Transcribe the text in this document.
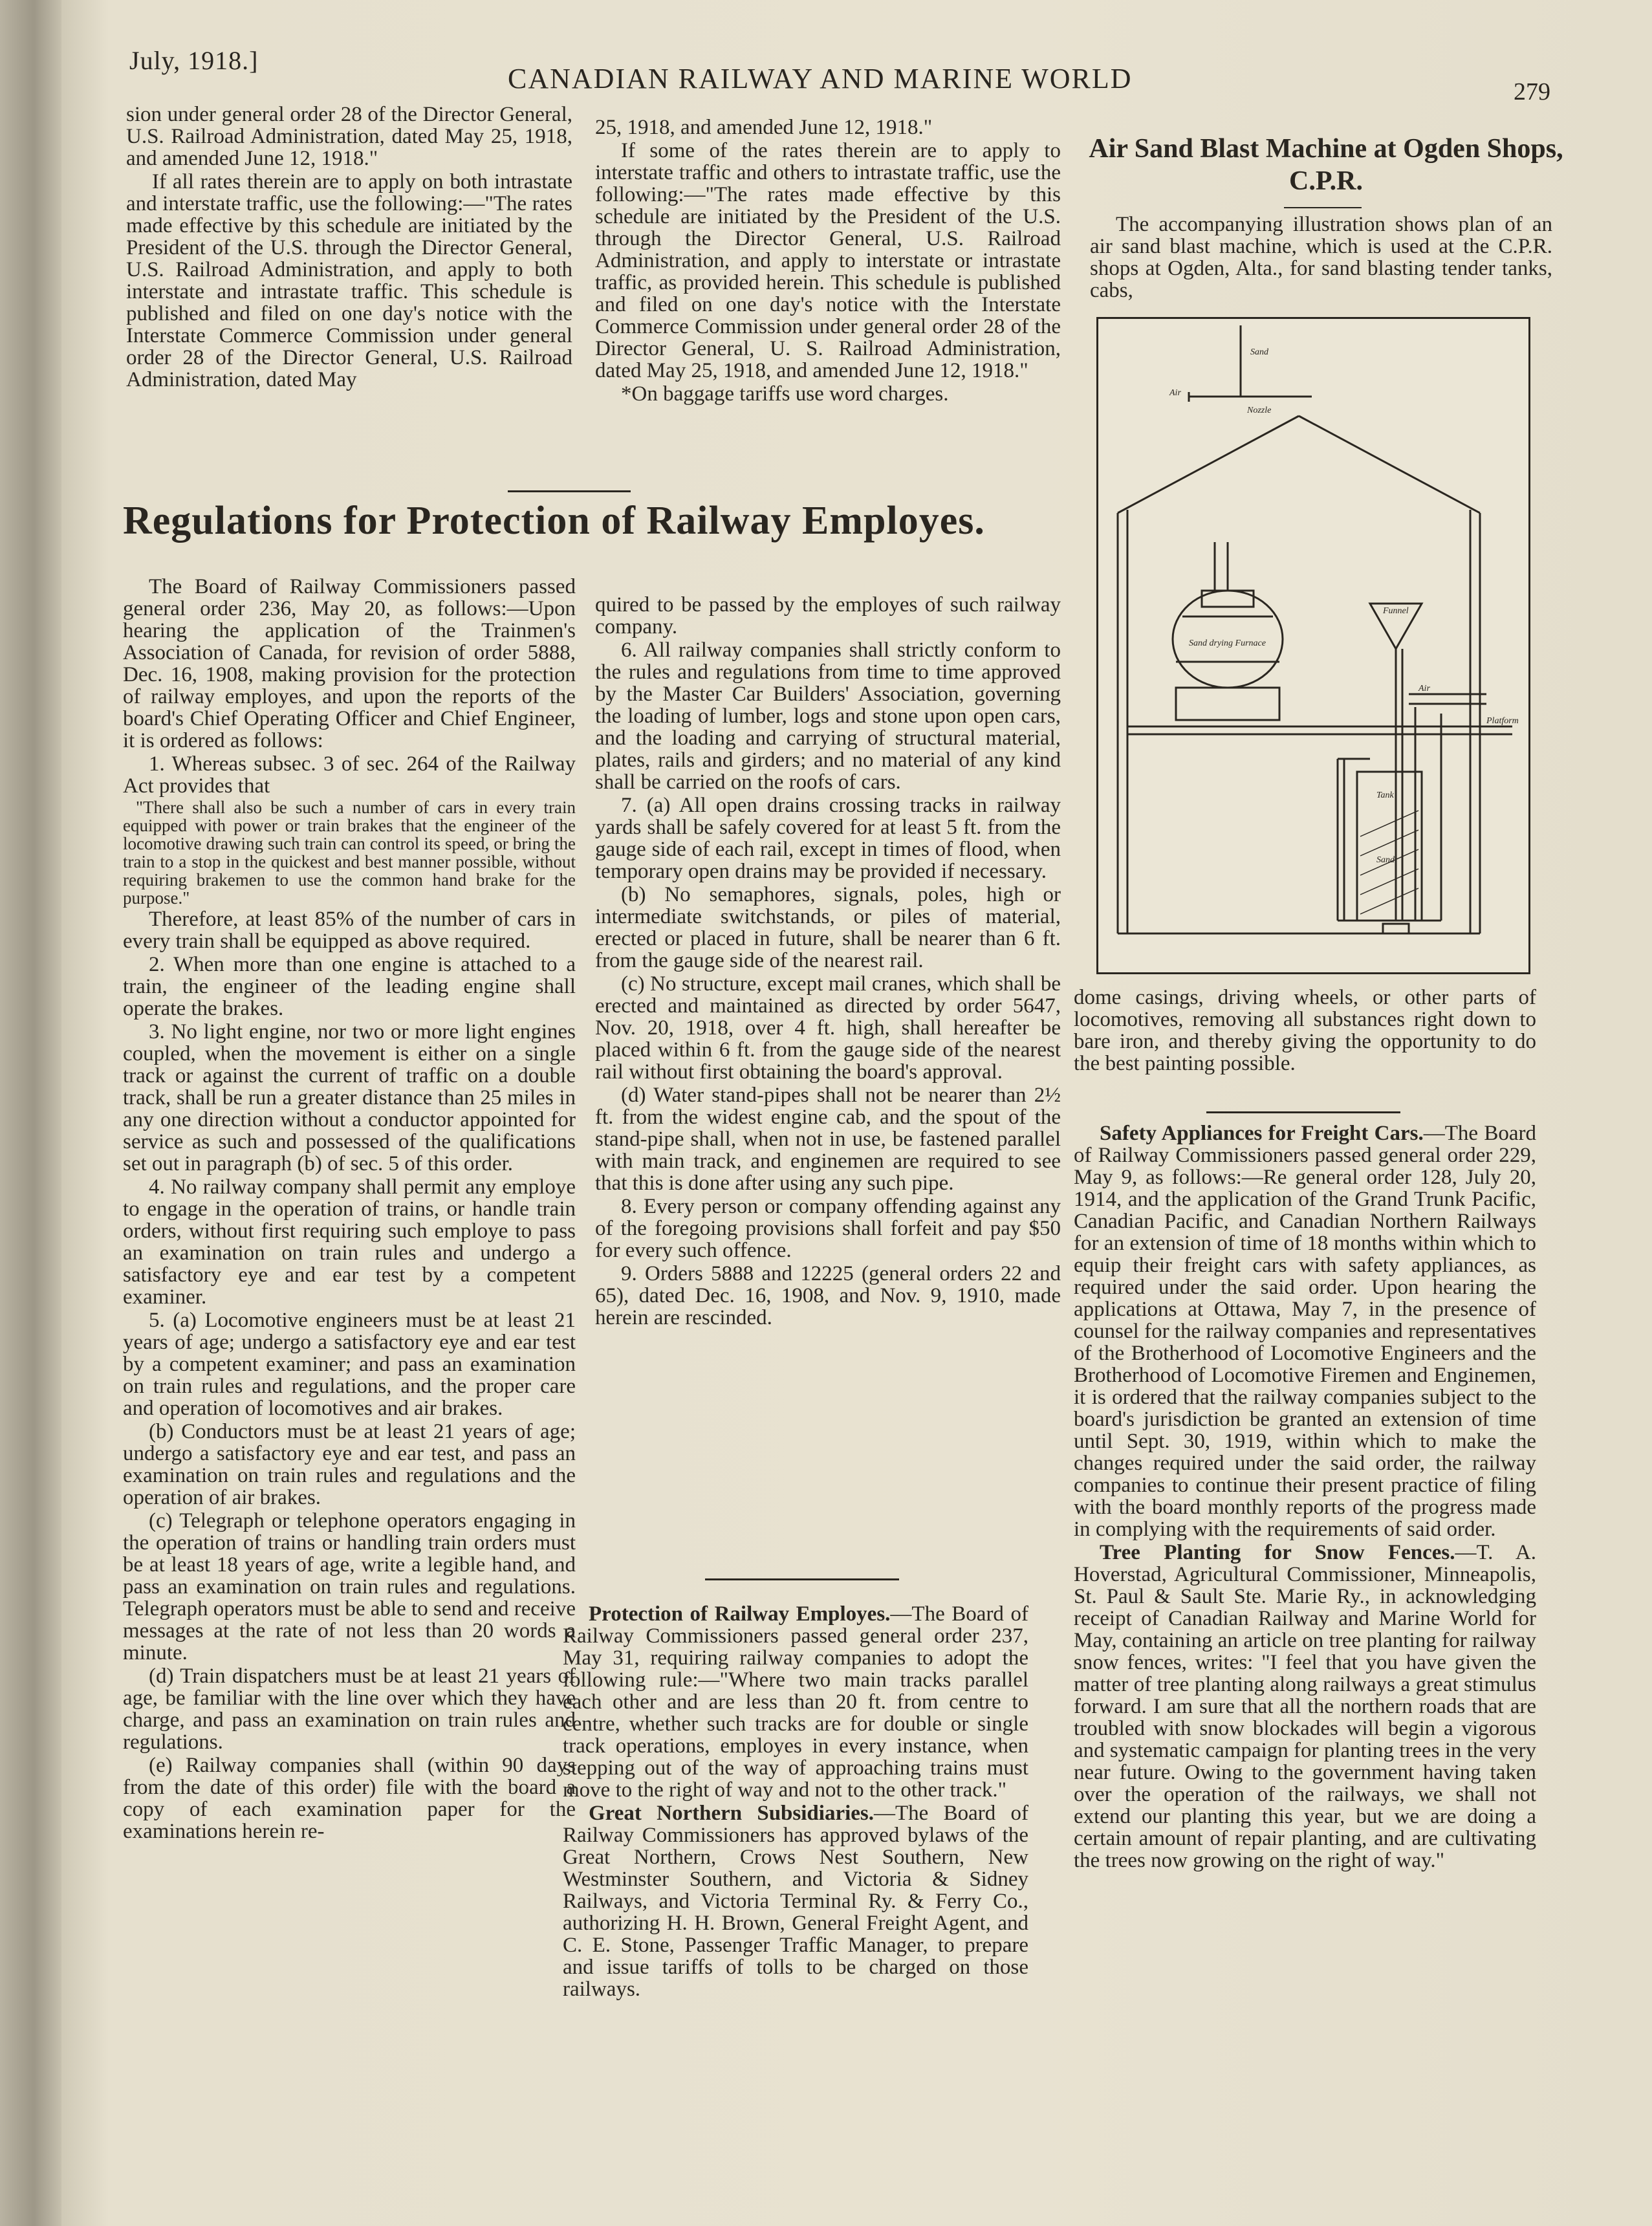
July, 1918.]
CANADIAN RAILWAY AND MARINE WORLD	279

sion under general order 28 of the Director General, U.S. Railroad Administration, dated May 25, 1918, and amended June 12, 1918."

If all rates therein are to apply on both intrastate and interstate traffic, use the following:—"The rates made effective by this schedule are initiated by the President of the U.S. through the Director General, U.S. Railroad Administration, and apply to both interstate and intrastate traffic. This schedule is published and filed on one day's notice with the Interstate Commerce Commission under general order 28 of the Director General, U.S. Railroad Administration, dated May

25, 1918, and amended June 12, 1918."

If some of the rates therein are to apply to interstate traffic and others to intrastate traffic, use the following:—"The rates made effective by this schedule are initiated by the President of the U.S. through the Director General, U.S. Railroad Administration, and apply to interstate or intrastate traffic, as provided herein. This schedule is published and filed on one day's notice with the Interstate Commerce Commission under general order 28 of the Director General, U. S. Railroad Administration, dated May 25, 1918, and amended June 12, 1918."

*On baggage tariffs use word charges.

Regulations for Protection of Railway Employes.

The Board of Railway Commissioners passed general order 236, May 20, as follows:—Upon hearing the application of the Trainmen's Association of Canada, for revision of order 5888, Dec. 16, 1908, making provision for the protection of railway employes, and upon the reports of the board's Chief Operating Officer and Chief Engineer, it is ordered as follows:

1. Whereas subsec. 3 of sec. 264 of the Railway Act provides that

"There shall also be such a number of cars in every train equipped with power or train brakes that the engineer of the locomotive drawing such train can control its speed, or bring the train to a stop in the quickest and best manner possible, without requiring brakemen to use the common hand brake for the purpose."

Therefore, at least 85% of the number of cars in every train shall be equipped as above required.

2. When more than one engine is attached to a train, the engineer of the leading engine shall operate the brakes.

3. No light engine, nor two or more light engines coupled, when the movement is either on a single track or against the current of traffic on a double track, shall be run a greater distance than 25 miles in any one direction without a conductor appointed for service as such and possessed of the qualifications set out in paragraph (b) of sec. 5 of this order.

4. No railway company shall permit any employe to engage in the operation of trains, or handle train orders, without first requiring such employe to pass an examination on train rules and undergo a satisfactory eye and ear test by a competent examiner.

5. (a) Locomotive engineers must be at least 21 years of age; undergo a satisfactory eye and ear test by a competent examiner; and pass an examination on train rules and regulations, and the proper care and operation of locomotives and air brakes.

(b) Conductors must be at least 21 years of age; undergo a satisfactory eye and ear test, and pass an examination on train rules and regulations and the operation of air brakes.

(c) Telegraph or telephone operators engaging in the operation of trains or handling train orders must be at least 18 years of age, write a legible hand, and pass an examination on train rules and regulations. Telegraph operators must be able to send and receive messages at the rate of not less than 20 words a minute.

(d) Train dispatchers must be at least 21 years of age, be familiar with the line over which they have charge, and pass an examination on train rules and regulations.

(e) Railway companies shall (within 90 days from the date of this order) file with the board a copy of each examination paper for the examinations herein re-

quired to be passed by the employes of such railway company.

6. All railway companies shall strictly conform to the rules and regulations from time to time approved by the Master Car Builders' Association, governing the loading of lumber, logs and stone upon open cars, and the loading and carrying of structural material, plates, rails and girders; and no material of any kind shall be carried on the roofs of cars.

7. (a) All open drains crossing tracks in railway yards shall be safely covered for at least 5 ft. from the gauge side of each rail, except in times of flood, when temporary open drains may be provided if necessary.

(b) No semaphores, signals, poles, high or intermediate switchstands, or piles of material, erected or placed in future, shall be nearer than 6 ft. from the gauge side of the nearest rail.

(c) No structure, except mail cranes, which shall be erected and maintained as directed by order 5647, Nov. 20, 1918, over 4 ft. high, shall hereafter be placed within 6 ft. from the gauge side of the nearest rail without first obtaining the board's approval.

(d) Water stand-pipes shall not be nearer than 2½ ft. from the widest engine cab, and the spout of the stand-pipe shall, when not in use, be fastened parallel with main track, and enginemen are required to see that this is done after using any such pipe.

8. Every person or company offending against any of the foregoing provisions shall forfeit and pay $50 for every such offence.

9. Orders 5888 and 12225 (general orders 22 and 65), dated Dec. 16, 1908, and Nov. 9, 1910, made herein are rescinded.

Protection of Railway Employes.—The Board of Railway Commissioners passed general order 237, May 31, requiring railway companies to adopt the following rule:—"Where two main tracks parallel each other and are less than 20 ft. from centre to centre, whether such tracks are for double or single track operations, employes in every instance, when stepping out of the way of approaching trains must move to the right of way and not to the other track."

Great Northern Subsidiaries.—The Board of Railway Commissioners has approved bylaws of the Great Northern, Crows Nest Southern, New Westminster Southern, and Victoria & Sidney Railways, and Victoria Terminal Ry. & Ferry Co., authorizing H. H. Brown, General Freight Agent, and C. E. Stone, Passenger Traffic Manager, to prepare and issue tariffs of tolls to be charged on those railways.

Air Sand Blast Machine at Ogden Shops, C.P.R.

The accompanying illustration shows plan of an air sand blast machine, which is used at the C.P.R. shops at Ogden, Alta., for sand blasting tender tanks, cabs,

Sand
Air
Nozzle
Sand drying Furnace
Funnel
Air
Platform
Tank
Sand

dome casings, driving wheels, or other parts of locomotives, removing all substances right down to bare iron, and thereby giving the opportunity to do the best painting possible.

Safety Appliances for Freight Cars.—The Board of Railway Commissioners passed general order 229, May 9, as follows:—Re general order 128, July 20, 1914, and the application of the Grand Trunk Pacific, Canadian Pacific, and Canadian Northern Railways for an extension of time of 18 months within which to equip their freight cars with safety appliances, as required under the said order. Upon hearing the applications at Ottawa, May 7, in the presence of counsel for the railway companies and representatives of the Brotherhood of Locomotive Engineers and the Brotherhood of Locomotive Firemen and Enginemen, it is ordered that the railway companies subject to the board's jurisdiction be granted an extension of time until Sept. 30, 1919, within which to make the changes required under the said order, the railway companies to continue their present practice of filing with the board monthly reports of the progress made in complying with the requirements of said order.

Tree Planting for Snow Fences.—T. A. Hoverstad, Agricultural Commissioner, Minneapolis, St. Paul & Sault Ste. Marie Ry., in acknowledging receipt of Canadian Railway and Marine World for May, containing an article on tree planting for railway snow fences, writes: "I feel that you have given the matter of tree planting along railways a great stimulus forward. I am sure that all the northern roads that are troubled with snow blockades will begin a vigorous and systematic campaign for planting trees in the very near future. Owing to the government having taken over the operation of the railways, we shall not extend our planting this year, but we are doing a certain amount of repair planting, and are cultivating the trees now growing on the right of way."
